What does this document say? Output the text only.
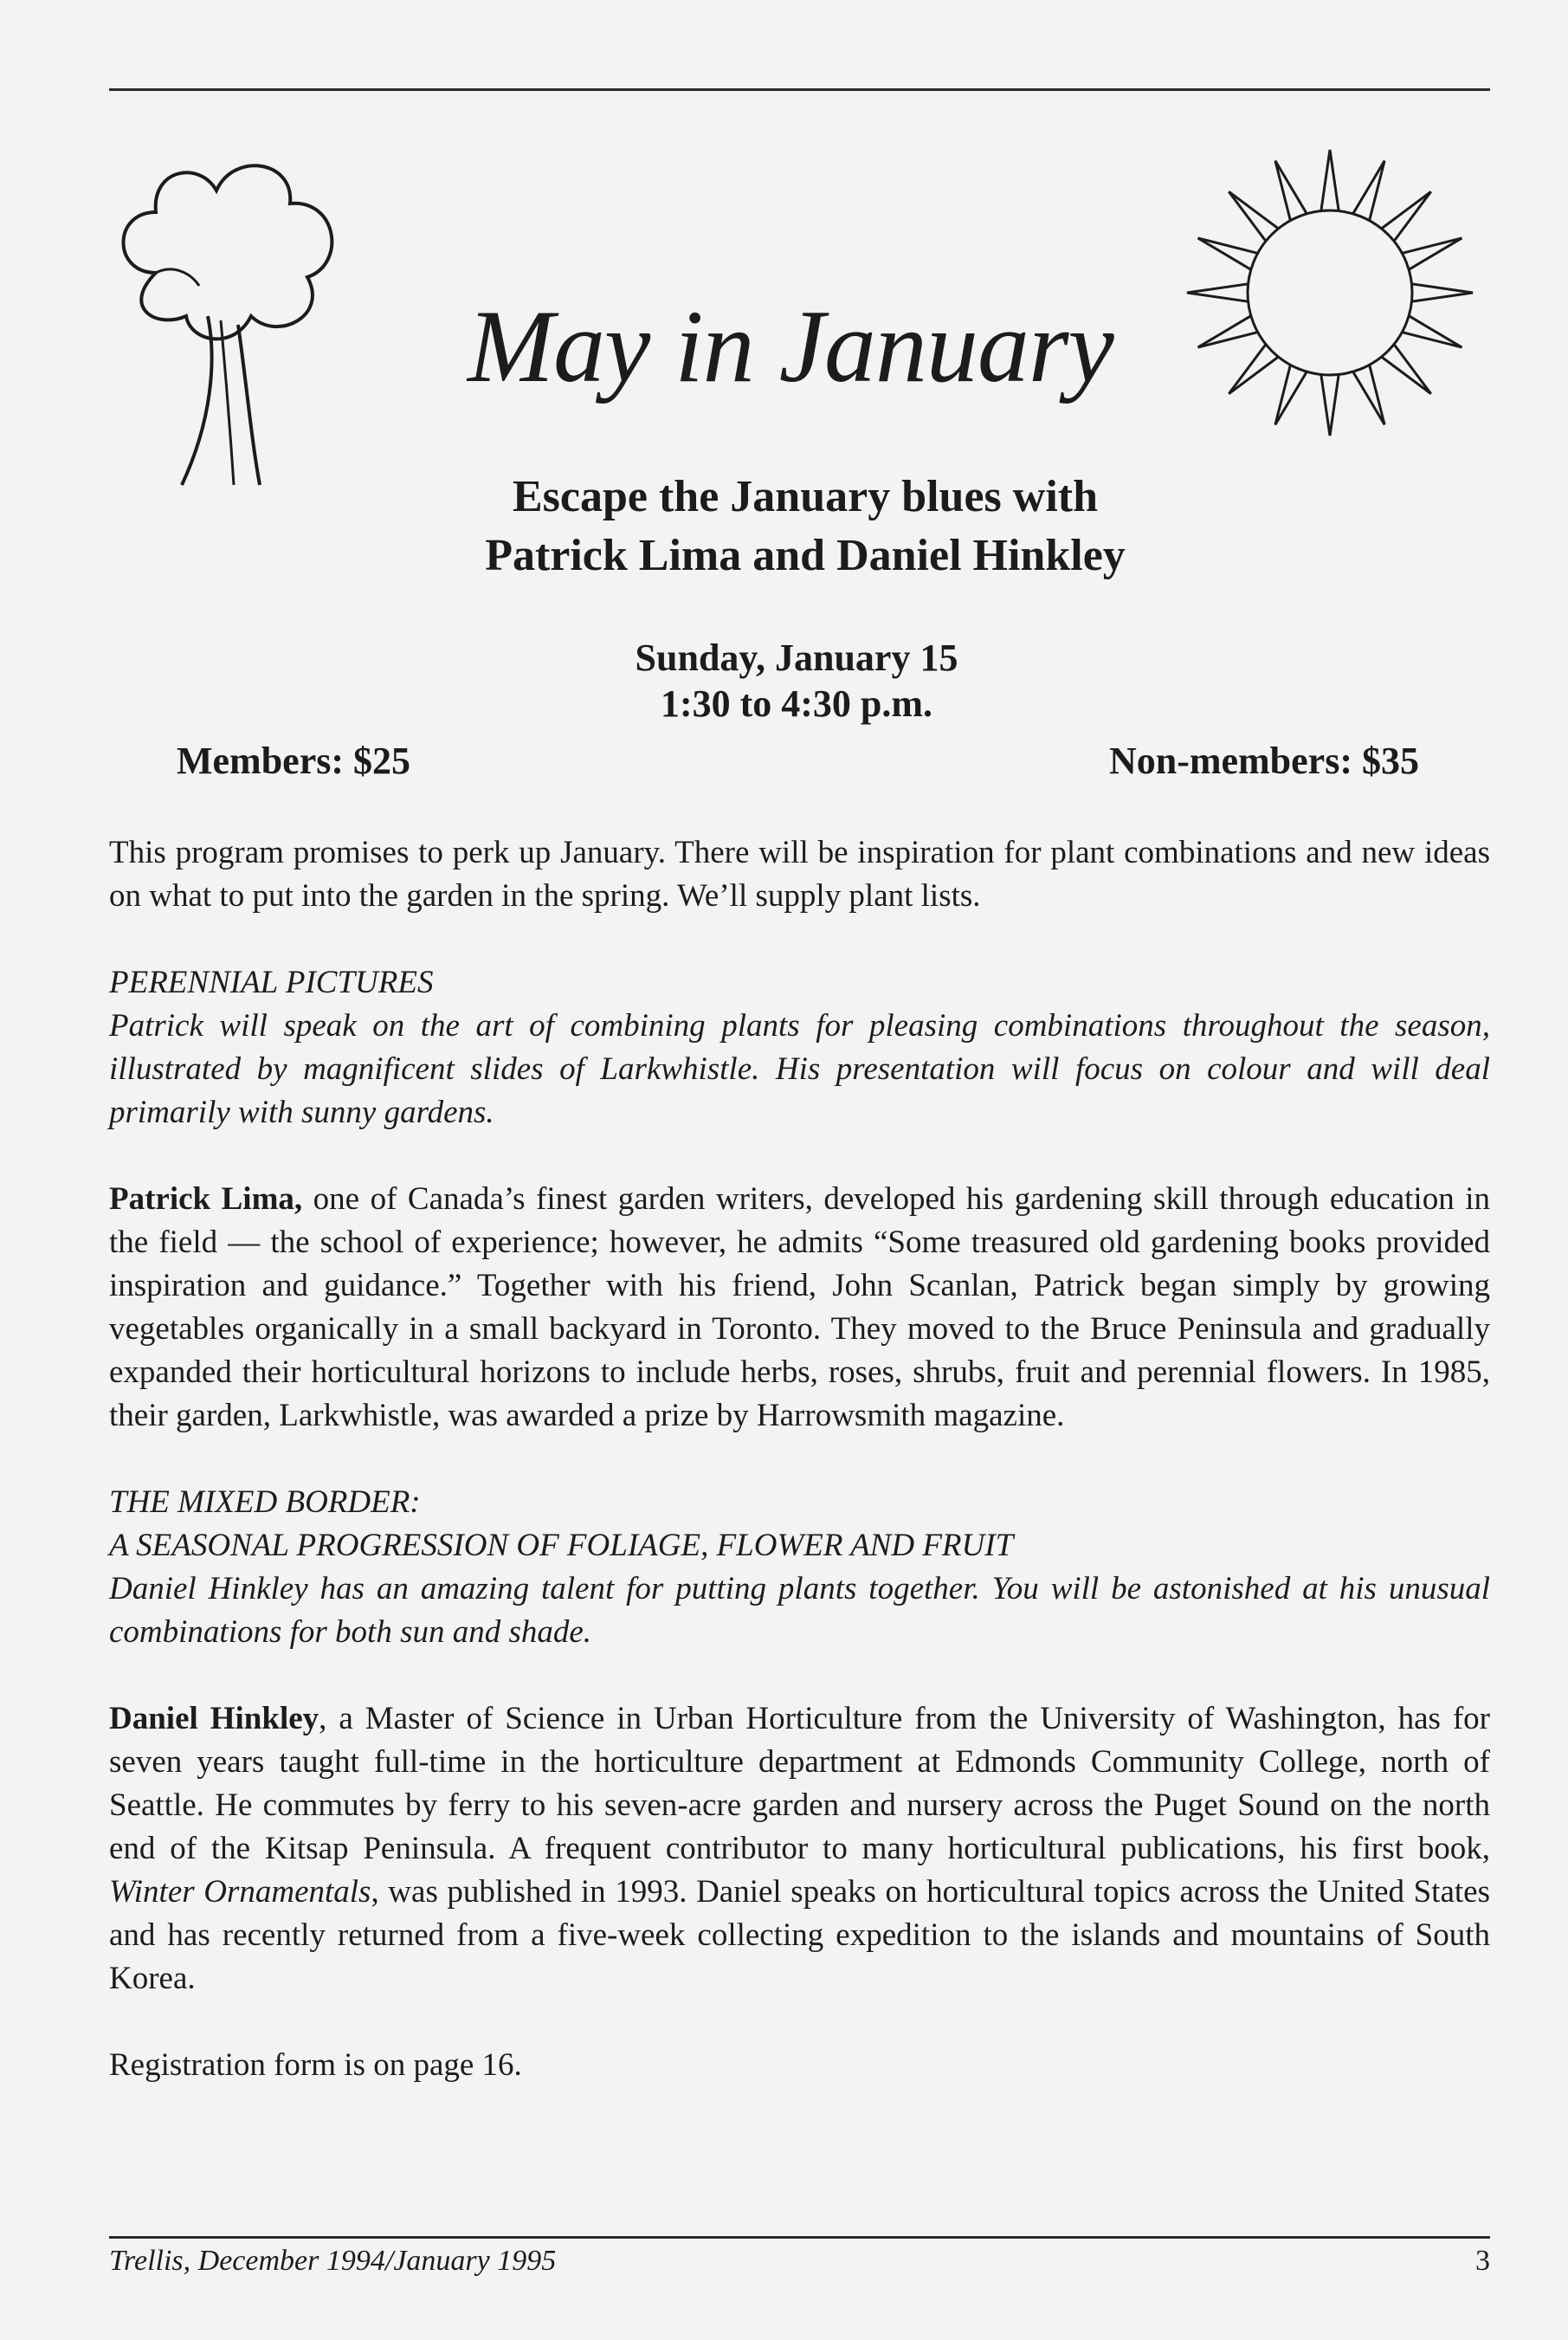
May in January
Escape the January blues with
Patrick Lima and Daniel Hinkley
Sunday, January 15
1:30 to 4:30 p.m.
Members: $25	Non-members: $35

This program promises to perk up January. There will be inspiration for plant combinations and new ideas on what to put into the garden in the spring. We’ll supply plant lists.

PERENNIAL PICTURES
Patrick will speak on the art of combining plants for pleasing combinations throughout the season, illustrated by magnificent slides of Larkwhistle. His presentation will focus on colour and will deal primarily with sunny gardens.

Patrick Lima, one of Canada’s finest garden writers, developed his gardening skill through education in the field — the school of experience; however, he admits “Some treasured old gardening books provided inspiration and guidance.” Together with his friend, John Scanlan, Patrick began simply by growing vegetables organically in a small backyard in Toronto. They moved to the Bruce Peninsula and gradually expanded their horticultural horizons to include herbs, roses, shrubs, fruit and perennial flowers. In 1985, their garden, Larkwhistle, was awarded a prize by Harrowsmith magazine.

THE MIXED BORDER:
A SEASONAL PROGRESSION OF FOLIAGE, FLOWER AND FRUIT
Daniel Hinkley has an amazing talent for putting plants together. You will be astonished at his unusual combinations for both sun and shade.

Daniel Hinkley, a Master of Science in Urban Horticulture from the University of Washington, has for seven years taught full-time in the horticulture department at Edmonds Community College, north of Seattle. He commutes by ferry to his seven-acre garden and nursery across the Puget Sound on the north end of the Kitsap Peninsula. A frequent contributor to many horticultural publications, his first book, Winter Ornamentals, was published in 1993. Daniel speaks on horticultural topics across the United States and has recently returned from a five-week collecting expedition to the islands and mountains of South Korea.

Registration form is on page 16.

Trellis, December 1994/January 1995	3
